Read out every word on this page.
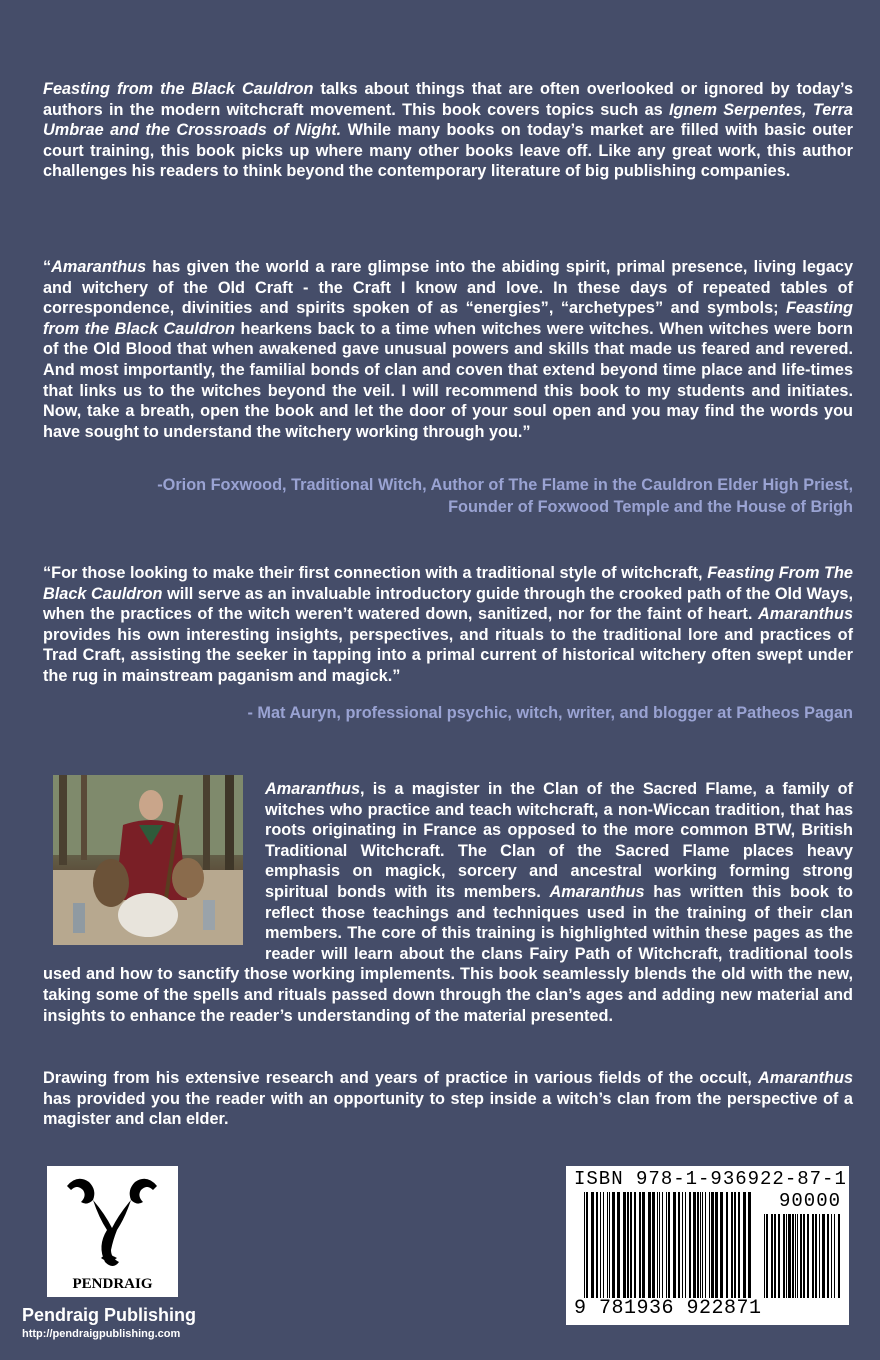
Feasting from the Black Cauldron talks about things that are often overlooked or ignored by today’s authors in the modern witchcraft movement. This book covers topics such as Ignem Serpentes, Terra Umbrae and the Crossroads of Night. While many books on today’s market are filled with basic outer court training, this book picks up where many other books leave off. Like any great work, this author challenges his readers to think beyond the contemporary literature of big publishing companies.

“Amaranthus has given the world a rare glimpse into the abiding spirit, primal presence, living legacy and witchery of the Old Craft - the Craft I know and love. In these days of repeated tables of correspondence, divinities and spirits spoken of as “energies”, “archetypes” and symbols; Feasting from the Black Cauldron hearkens back to a time when witches were witches. When witches were born of the Old Blood that when awakened gave unusual powers and skills that made us feared and revered. And most importantly, the familial bonds of clan and coven that extend beyond time place and life-times that links us to the witches beyond the veil. I will recommend this book to my students and initiates. Now, take a breath, open the book and let the door of your soul open and you may find the words you have sought to understand the witchery working through you.”

-Orion Foxwood, Traditional Witch, Author of The Flame in the Cauldron Elder High Priest,
Founder of Foxwood Temple and the House of Brigh

“For those looking to make their first connection with a traditional style of witchcraft, Feasting From The Black Cauldron will serve as an invaluable introductory guide through the crooked path of the Old Ways, when the practices of the witch weren’t watered down, sanitized, nor for the faint of heart. Amaranthus provides his own interesting insights, perspectives, and rituals to the traditional lore and practices of Trad Craft, assisting the seeker in tapping into a primal current of historical witchery often swept under the rug in mainstream paganism and magick.”

- Mat Auryn, professional psychic, witch, writer, and blogger at Patheos Pagan

Amaranthus, is a magister in the Clan of the Sacred Flame, a family of witches who practice and teach witchcraft, a non-Wiccan tradition, that has roots originating in France as opposed to the more common BTW, British Traditional Witchcraft. The Clan of the Sacred Flame places heavy emphasis on magick, sorcery and ancestral working forming strong spiritual bonds with its members. Amaranthus has written this book to reflect those teachings and techniques used in the training of their clan members. The core of this training is highlighted within these pages as the reader will learn about the clans Fairy Path of Witchcraft, traditional tools used and how to sanctify those working implements. This book seamlessly blends the old with the new, taking some of the spells and rituals passed down through the clan’s ages and adding new material and insights to enhance the reader’s understanding of the material presented.

Drawing from his extensive research and years of practice in various fields of the occult, Amaranthus has provided you the reader with an opportunity to step inside a witch’s clan from the perspective of a magister and clan elder.

PENDRAIG

Pendraig Publishing

http://pendraigpublishing.com

ISBN 978-1-936922-87-1

90000

9 781936 922871
